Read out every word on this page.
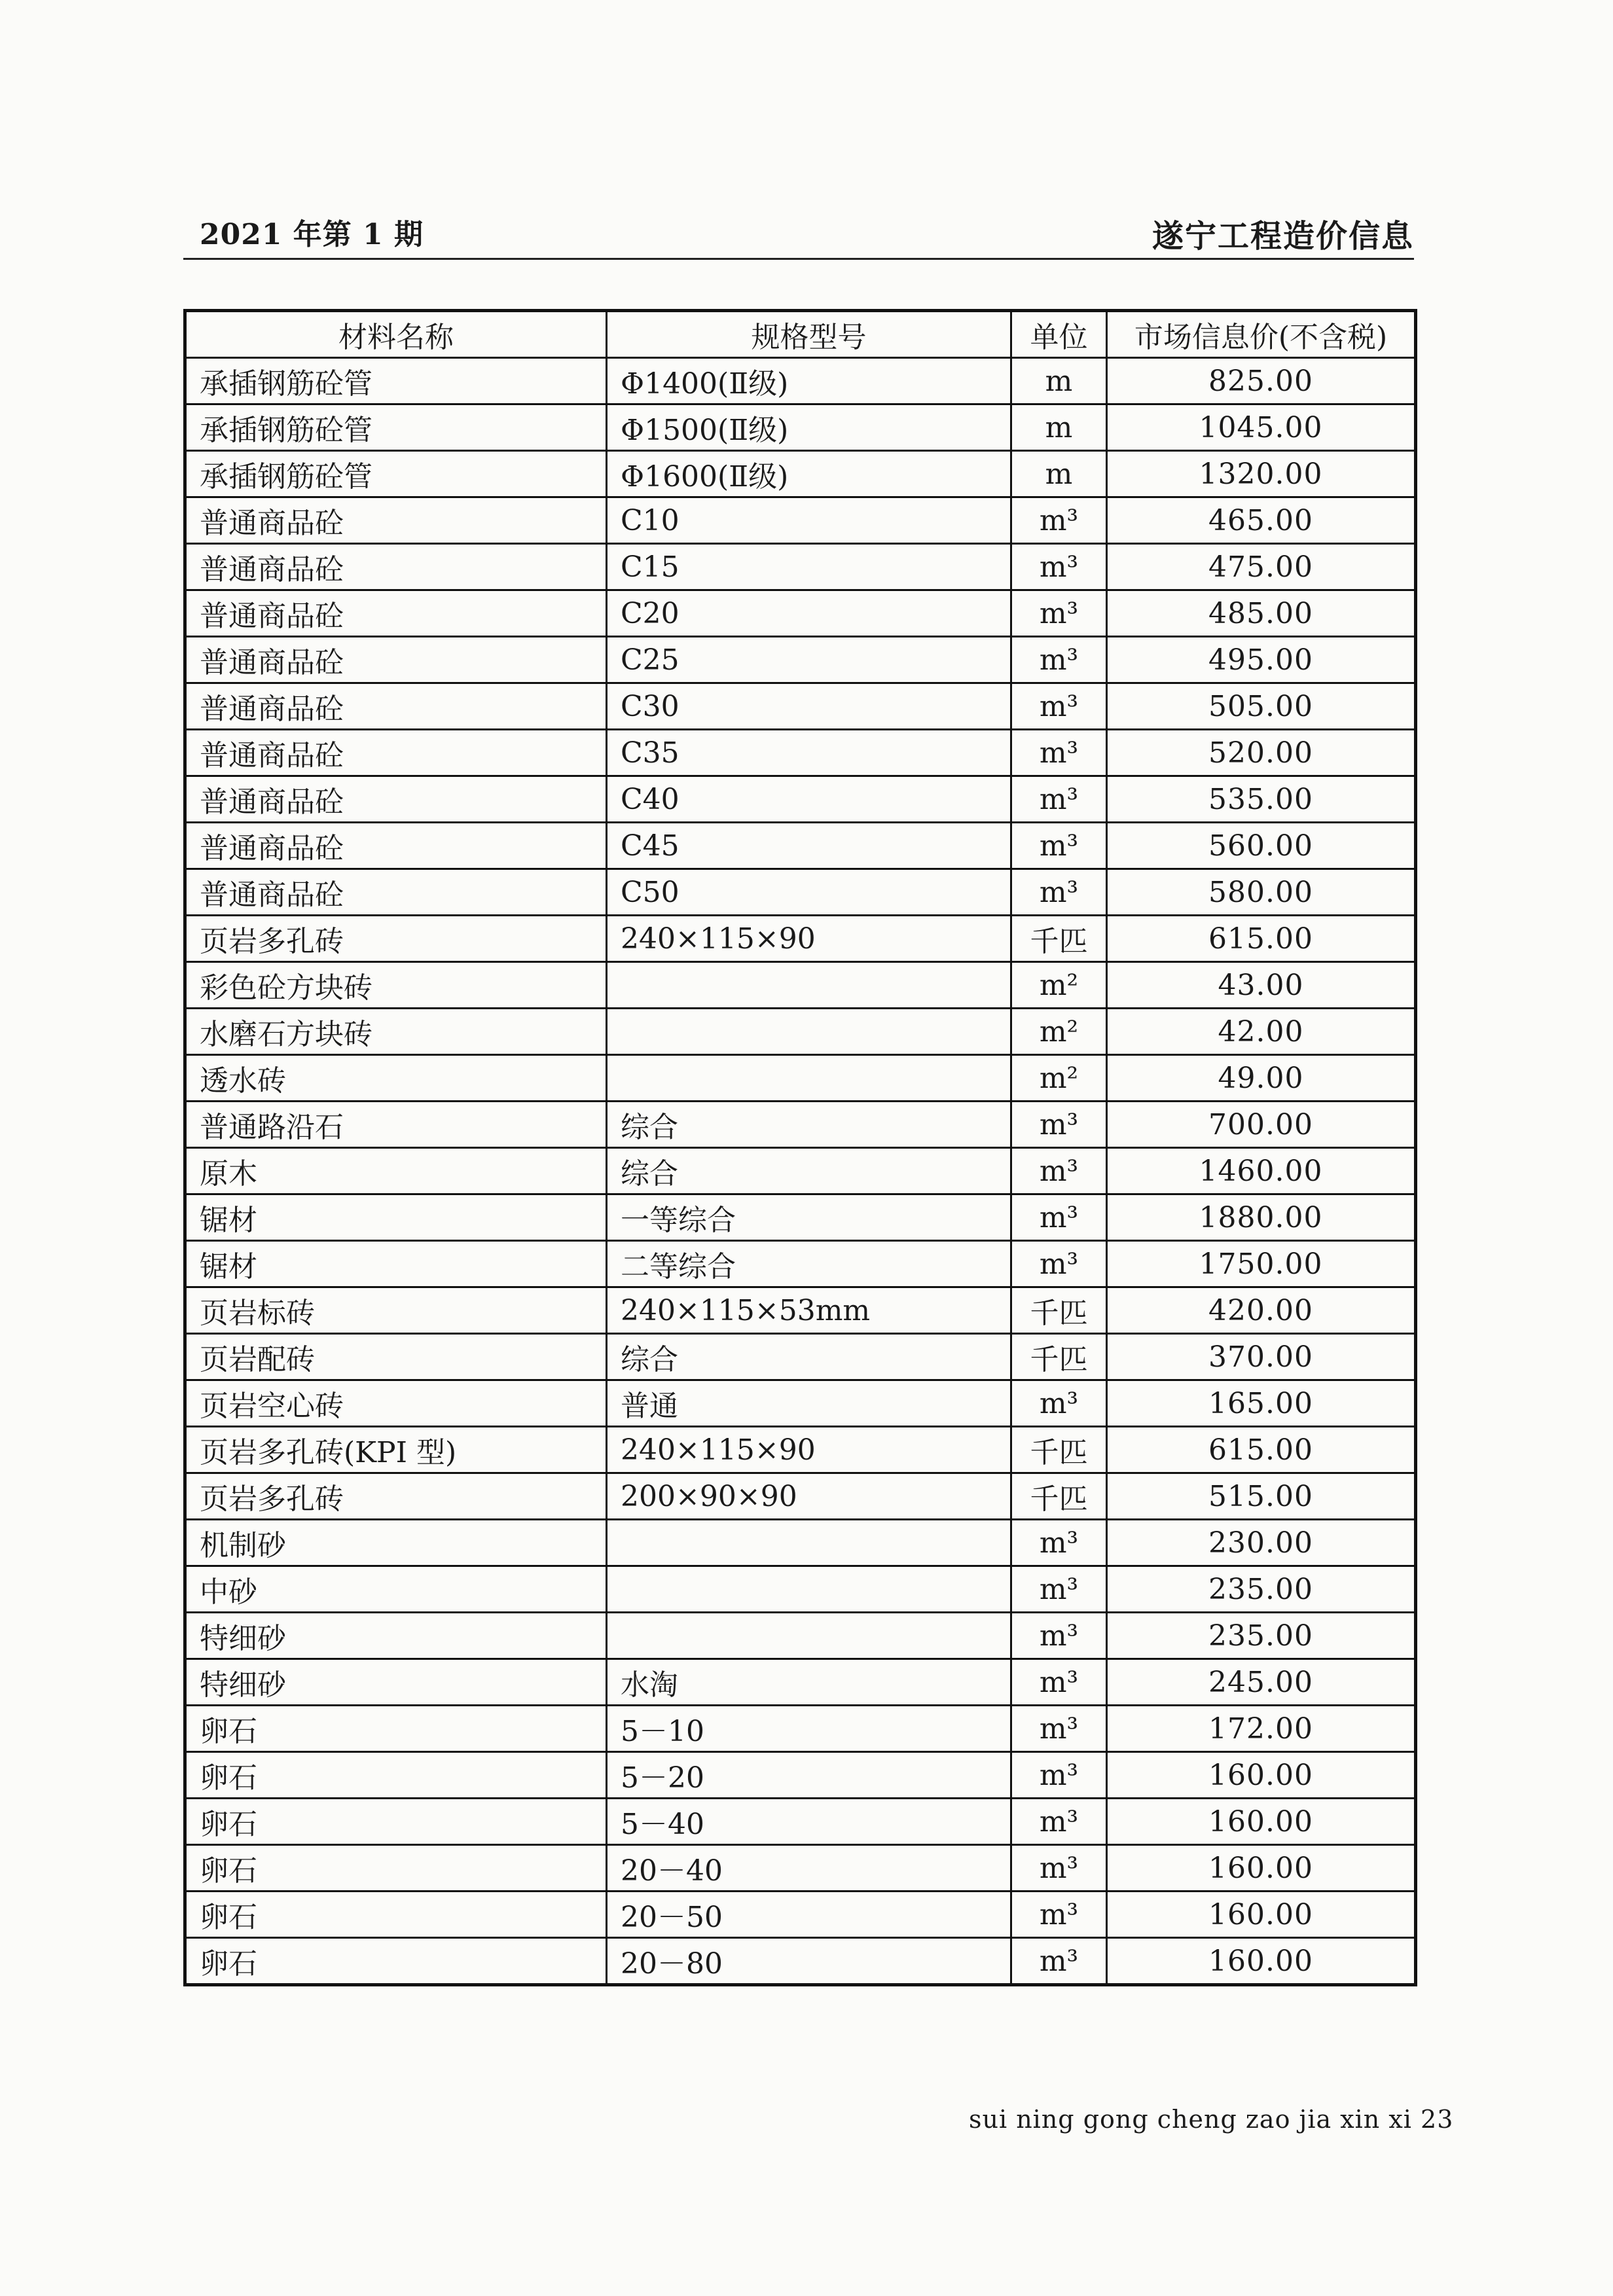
2021 年第 1 期	遂宁工程造价信息
材料名称	规格型号	单位	市场信息价(不含税)
承插钢筋砼管	Φ1400(Ⅱ级)	m	825.00
承插钢筋砼管	Φ1500(Ⅱ级)	m	1045.00
承插钢筋砼管	Φ1600(Ⅱ级)	m	1320.00
普通商品砼	C10	m³	465.00
普通商品砼	C15	m³	475.00
普通商品砼	C20	m³	485.00
普通商品砼	C25	m³	495.00
普通商品砼	C30	m³	505.00
普通商品砼	C35	m³	520.00
普通商品砼	C40	m³	535.00
普通商品砼	C45	m³	560.00
普通商品砼	C50	m³	580.00
页岩多孔砖	240×115×90	千匹	615.00
彩色砼方块砖		m²	43.00
水磨石方块砖		m²	42.00
透水砖		m²	49.00
普通路沿石	综合	m³	700.00
原木	综合	m³	1460.00
锯材	一等综合	m³	1880.00
锯材	二等综合	m³	1750.00
页岩标砖	240×115×53mm	千匹	420.00
页岩配砖	综合	千匹	370.00
页岩空心砖	普通	m³	165.00
页岩多孔砖(KPI 型)	240×115×90	千匹	615.00
页岩多孔砖	200×90×90	千匹	515.00
机制砂		m³	230.00
中砂		m³	235.00
特细砂		m³	235.00
特细砂	水淘	m³	245.00
卵石	5－10	m³	172.00
卵石	5－20	m³	160.00
卵石	5－40	m³	160.00
卵石	20－40	m³	160.00
卵石	20－50	m³	160.00
卵石	20－80	m³	160.00
sui ning gong cheng zao jia xin xi 23
